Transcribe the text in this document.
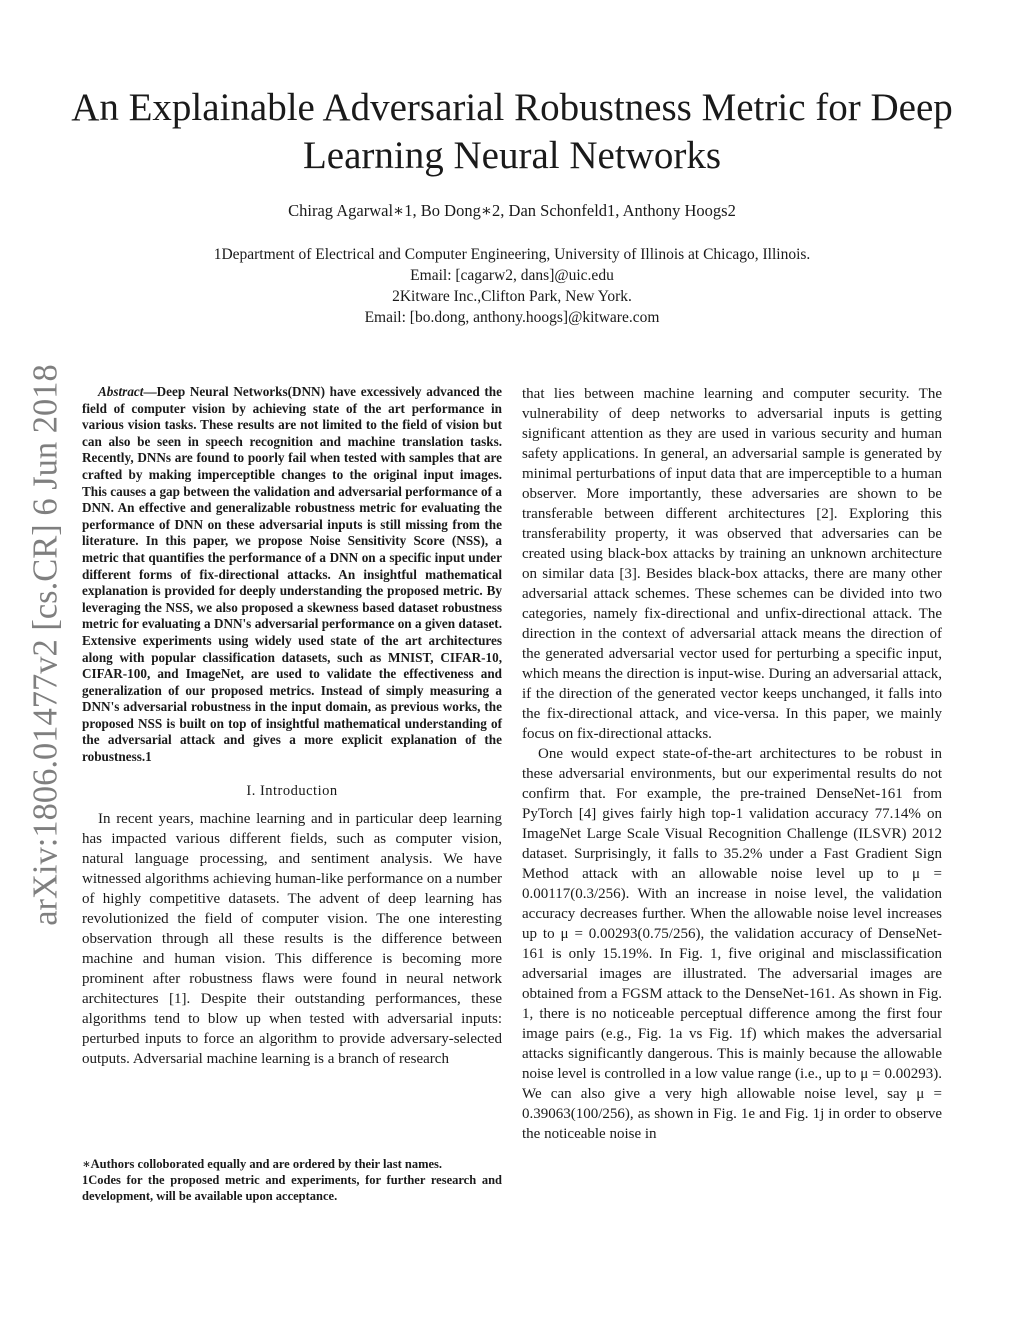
arXiv:1806.01477v2 [cs.CR] 6 Jun 2018
An Explainable Adversarial Robustness Metric for Deep Learning Neural Networks
Chirag Agarwal∗1, Bo Dong∗2, Dan Schonfeld1, Anthony Hoogs2
1Department of Electrical and Computer Engineering, University of Illinois at Chicago, Illinois.
Email: [cagarw2, dans]@uic.edu
2Kitware Inc.,Clifton Park, New York.
Email: [bo.dong, anthony.hoogs]@kitware.com

Abstract—Deep Neural Networks(DNN) have excessively advanced the field of computer vision by achieving state of the art performance in various vision tasks. These results are not limited to the field of vision but can also be seen in speech recognition and machine translation tasks. Recently, DNNs are found to poorly fail when tested with samples that are crafted by making imperceptible changes to the original input images. This causes a gap between the validation and adversarial performance of a DNN. An effective and generalizable robustness metric for evaluating the performance of DNN on these adversarial inputs is still missing from the literature. In this paper, we propose Noise Sensitivity Score (NSS), a metric that quantifies the performance of a DNN on a specific input under different forms of fix-directional attacks. An insightful mathematical explanation is provided for deeply understanding the proposed metric. By leveraging the NSS, we also proposed a skewness based dataset robustness metric for evaluating a DNN's adversarial performance on a given dataset. Extensive experiments using widely used state of the art architectures along with popular classification datasets, such as MNIST, CIFAR-10, CIFAR-100, and ImageNet, are used to validate the effectiveness and generalization of our proposed metrics. Instead of simply measuring a DNN's adversarial robustness in the input domain, as previous works, the proposed NSS is built on top of insightful mathematical understanding of the adversarial attack and gives a more explicit explanation of the robustness.1

I. Introduction

In recent years, machine learning and in particular deep learning has impacted various different fields, such as computer vision, natural language processing, and sentiment analysis. We have witnessed algorithms achieving human-like performance on a number of highly competitive datasets. The advent of deep learning has revolutionized the field of computer vision. The one interesting observation through all these results is the difference between machine and human vision. This difference is becoming more prominent after robustness flaws were found in neural network architectures [1]. Despite their outstanding performances, these algorithms tend to blow up when tested with adversarial inputs: perturbed inputs to force an algorithm to provide adversary-selected outputs. Adversarial machine learning is a branch of research

∗Authors colloborated equally and are ordered by their last names.
1Codes for the proposed metric and experiments, for further research and development, will be available upon acceptance.

that lies between machine learning and computer security. The vulnerability of deep networks to adversarial inputs is getting significant attention as they are used in various security and human safety applications. In general, an adversarial sample is generated by minimal perturbations of input data that are imperceptible to a human observer. More importantly, these adversaries are shown to be transferable between different architectures [2]. Exploring this transferability property, it was observed that adversaries can be created using black-box attacks by training an unknown architecture on similar data [3]. Besides black-box attacks, there are many other adversarial attack schemes. These schemes can be divided into two categories, namely fix-directional and unfix-directional attack. The direction in the context of adversarial attack means the direction of the generated adversarial vector used for perturbing a specific input, which means the direction is input-wise. During an adversarial attack, if the direction of the generated vector keeps unchanged, it falls into the fix-directional attack, and vice-versa. In this paper, we mainly focus on fix-directional attacks.

One would expect state-of-the-art architectures to be robust in these adversarial environments, but our experimental results do not confirm that. For example, the pre-trained DenseNet-161 from PyTorch [4] gives fairly high top-1 validation accuracy 77.14% on ImageNet Large Scale Visual Recognition Challenge (ILSVR) 2012 dataset. Surprisingly, it falls to 35.2% under a Fast Gradient Sign Method attack with an allowable noise level up to μ = 0.00117(0.3/256). With an increase in noise level, the validation accuracy decreases further. When the allowable noise level increases up to μ = 0.00293(0.75/256), the validation accuracy of DenseNet-161 is only 15.19%. In Fig. 1, five original and misclassification adversarial images are illustrated. The adversarial images are obtained from a FGSM attack to the DenseNet-161. As shown in Fig. 1, there is no noticeable perceptual difference among the first four image pairs (e.g., Fig. 1a vs Fig. 1f) which makes the adversarial attacks significantly dangerous. This is mainly because the allowable noise level is controlled in a low value range (i.e., up to μ = 0.00293). We can also give a very high allowable noise level, say μ = 0.39063(100/256), as shown in Fig. 1e and Fig. 1j in order to observe the noticeable noise in
